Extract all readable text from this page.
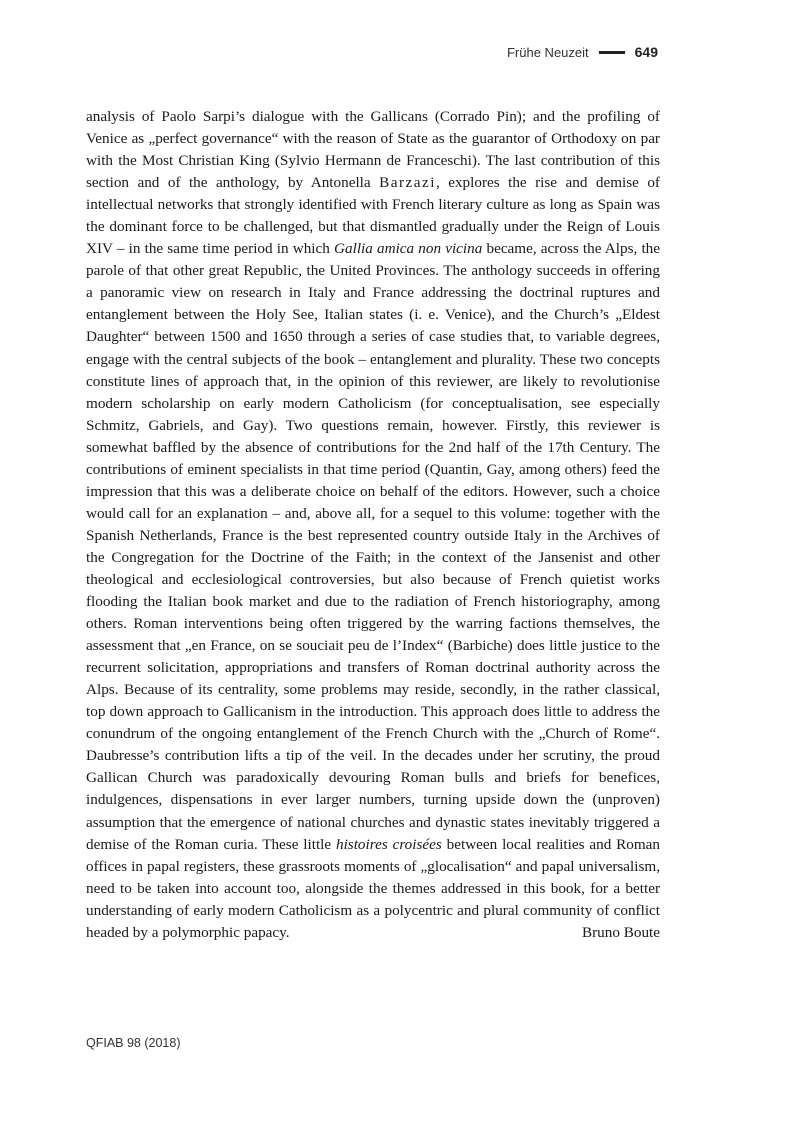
Frühe Neuzeit	649

analysis of Paolo Sarpi’s dialogue with the Gallicans (Corrado Pin); and the profiling of Venice as „perfect governance“ with the reason of State as the guarantor of Orthodoxy on par with the Most Christian King (Sylvio Hermann de Franceschi). The last contribution of this section and of the anthology, by Antonella Barzazi, explores the rise and demise of intellectual networks that strongly identified with French literary culture as long as Spain was the dominant force to be challenged, but that dismantled gradually under the Reign of Louis XIV – in the same time period in which Gallia amica non vicina became, across the Alps, the parole of that other great Republic, the United Provinces. The anthology succeeds in offering a panoramic view on research in Italy and France addressing the doctrinal ruptures and entanglement between the Holy See, Italian states (i. e. Venice), and the Church’s „Eldest Daughter“ between 1500 and 1650 through a series of case studies that, to variable degrees, engage with the central subjects of the book – entanglement and plurality. These two concepts constitute lines of approach that, in the opinion of this reviewer, are likely to revolutionise modern scholarship on early modern Catholicism (for conceptualisation, see especially Schmitz, Gabriels, and Gay). Two questions remain, however. Firstly, this reviewer is somewhat baffled by the absence of contributions for the 2nd half of the 17th Century. The contributions of eminent specialists in that time period (Quantin, Gay, among others) feed the impression that this was a deliberate choice on behalf of the editors. However, such a choice would call for an explanation – and, above all, for a sequel to this volume: together with the Spanish Netherlands, France is the best represented country outside Italy in the Archives of the Congregation for the Doctrine of the Faith; in the context of the Jansenist and other theological and ecclesiological controversies, but also because of French quietist works flooding the Italian book market and due to the radiation of French historiography, among others. Roman interventions being often triggered by the warring factions themselves, the assessment that „en France, on se souciait peu de l’Index“ (Barbiche) does little justice to the recurrent solicitation, appropriations and transfers of Roman doctrinal authority across the Alps. Because of its centrality, some problems may reside, secondly, in the rather classical, top down approach to Gallicanism in the introduction. This approach does little to address the conundrum of the ongoing entanglement of the French Church with the „Church of Rome“. Daubresse’s contribution lifts a tip of the veil. In the decades under her scrutiny, the proud Gallican Church was paradoxically devouring Roman bulls and briefs for benefices, indulgences, dispensations in ever larger numbers, turning upside down the (unproven) assumption that the emergence of national churches and dynastic states inevitably triggered a demise of the Roman curia. These little histoires croisées between local realities and Roman offices in papal registers, these grassroots moments of „glocalisation“ and papal universalism, need to be taken into account too, alongside the themes addressed in this book, for a better understanding of early modern Catholicism as a polycentric and plural community of conflict headed by a polymorphic papacy.	Bruno Boute

QFIAB 98 (2018)
